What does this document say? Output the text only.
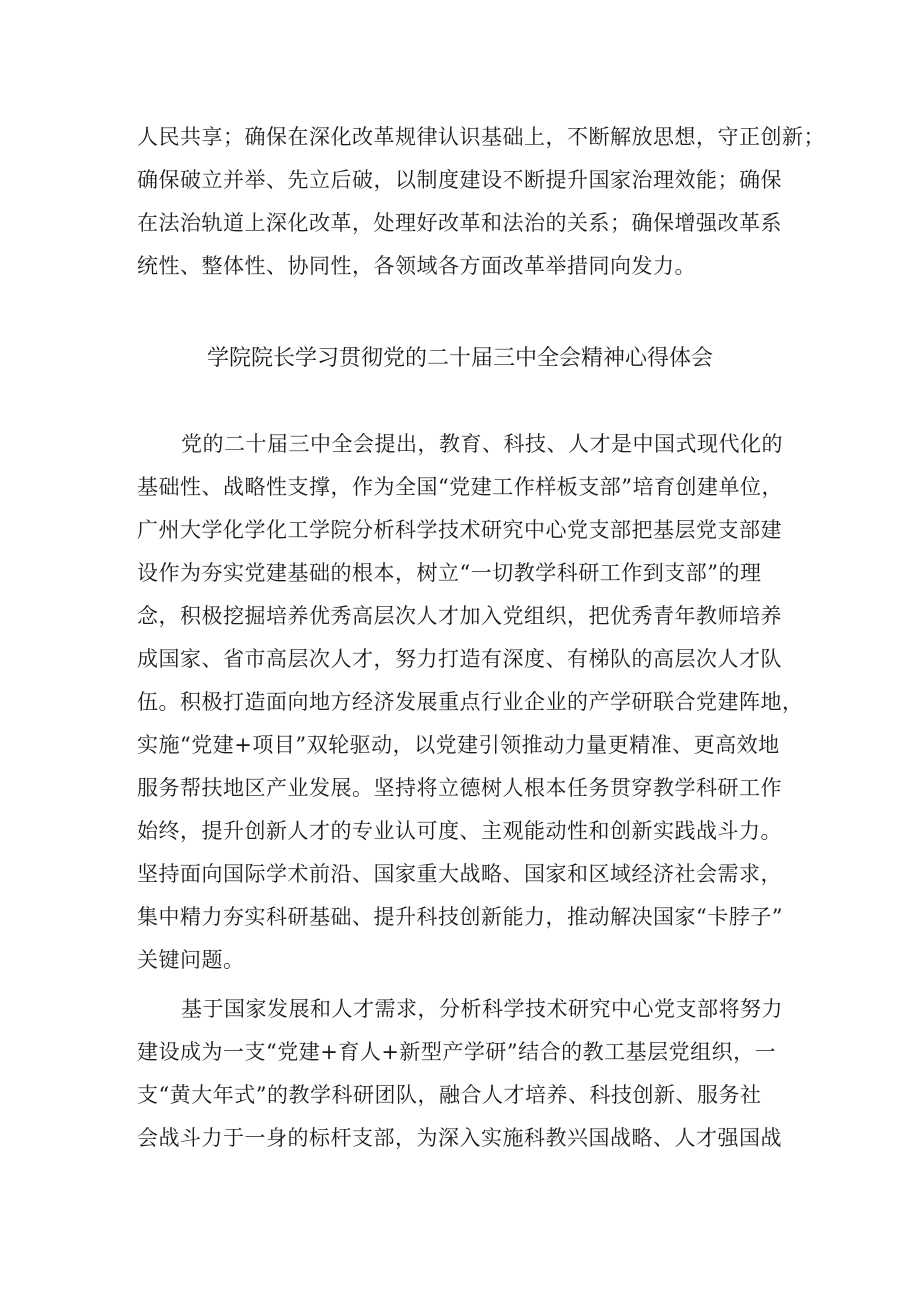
人民共享；确保在深化改革规律认识基础上，不断解放思想，守正创新；
确保破立并举、先立后破，以制度建设不断提升国家治理效能；确保
在法治轨道上深化改革，处理好改革和法治的关系；确保增强改革系
统性、整体性、协同性，各领域各方面改革举措同向发力。
学院院长学习贯彻党的二十届三中全会精神心得体会
党的二十届三中全会提出，教育、科技、人才是中国式现代化的
基础性、战略性支撑，作为全国“党建工作样板支部”培育创建单位，
广州大学化学化工学院分析科学技术研究中心党支部把基层党支部建
设作为夯实党建基础的根本，树立“一切教学科研工作到支部”的理
念，积极挖掘培养优秀高层次人才加入党组织，把优秀青年教师培养
成国家、省市高层次人才，努力打造有深度、有梯队的高层次人才队
伍。积极打造面向地方经济发展重点行业企业的产学研联合党建阵地，
实施“党建+项目”双轮驱动，以党建引领推动力量更精准、更高效地
服务帮扶地区产业发展。坚持将立德树人根本任务贯穿教学科研工作
始终，提升创新人才的专业认可度、主观能动性和创新实践战斗力。
坚持面向国际学术前沿、国家重大战略、国家和区域经济社会需求，
集中精力夯实科研基础、提升科技创新能力，推动解决国家“卡脖子”
关键问题。
基于国家发展和人才需求，分析科学技术研究中心党支部将努力
建设成为一支“党建+育人+新型产学研”结合的教工基层党组织，一
支“黄大年式”的教学科研团队，融合人才培养、科技创新、服务社
会战斗力于一身的标杆支部，为深入实施科教兴国战略、人才强国战
